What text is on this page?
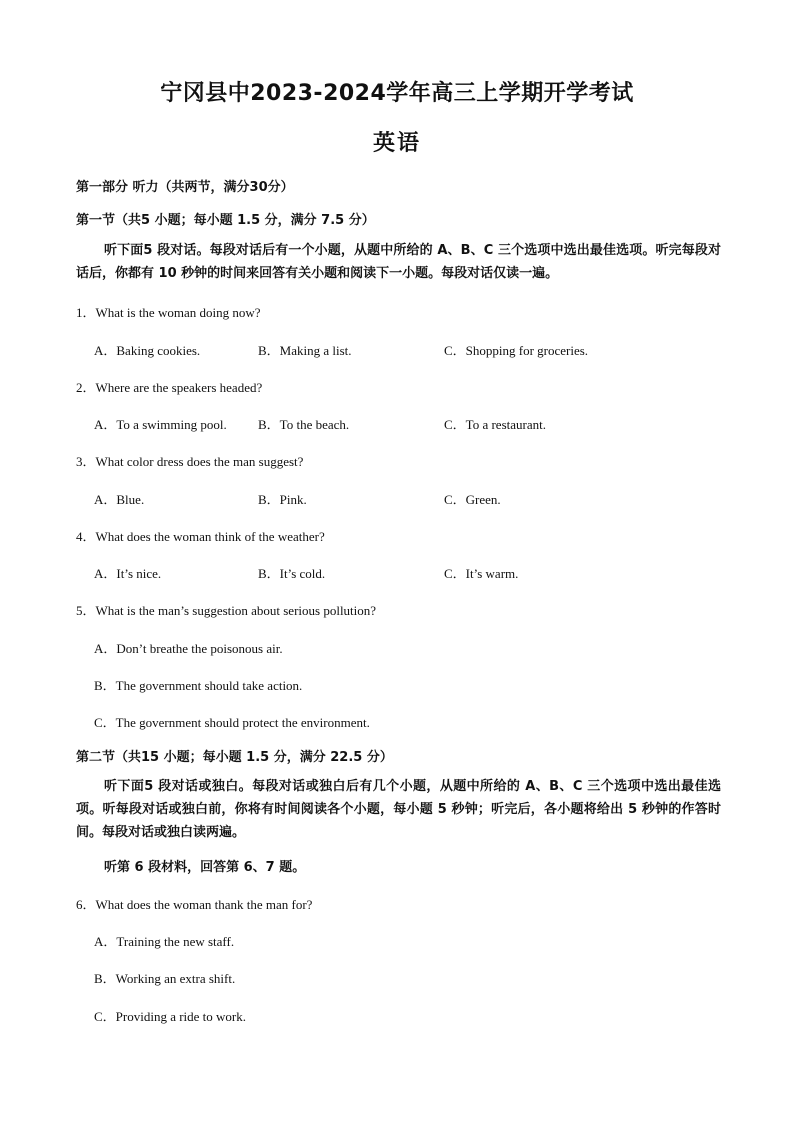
宁冈县中2023-2024学年高三上学期开学考试
英语
第一部分 听力（共两节，满分30分）
第一节（共5 小题；每小题 1.5 分，满分 7.5 分）
听下面5 段对话。每段对话后有一个小题，从题中所给的 A、B、C 三个选项中选出最佳选项。听完每段对话后，你都有 10 秒钟的时间来回答有关小题和阅读下一小题。每段对话仅读一遍。
1．What is the woman doing now?
A．Baking cookies.	B．Making a list.	C．Shopping for groceries.
2．Where are the speakers headed?
A．To a swimming pool. B．To the beach.	C．To a restaurant.
3．What color dress does the man suggest?
A．Blue.	B．Pink.	C．Green.
4．What does the woman think of the weather?
A．It’s nice.	B．It’s cold.	C．It’s warm.
5．What is the man’s suggestion about serious pollution?
A．Don’t breathe the poisonous air.
B．The government should take action.
C．The government should protect the environment.
第二节（共15 小题；每小题 1.5 分，满分 22.5 分）
听下面5 段对话或独白。每段对话或独白后有几个小题，从题中所给的 A、B、C 三个选项中选出最佳选项。听每段对话或独白前，你将有时间阅读各个小题，每小题 5 秒钟；听完后，各小题将给出 5 秒钟的作答时间。每段对话或独白读两遍。
听第 6 段材料，回答第 6、7 题。
6．What does the woman thank the man for?
A．Training the new staff.
B．Working an extra shift.
C．Providing a ride to work.
